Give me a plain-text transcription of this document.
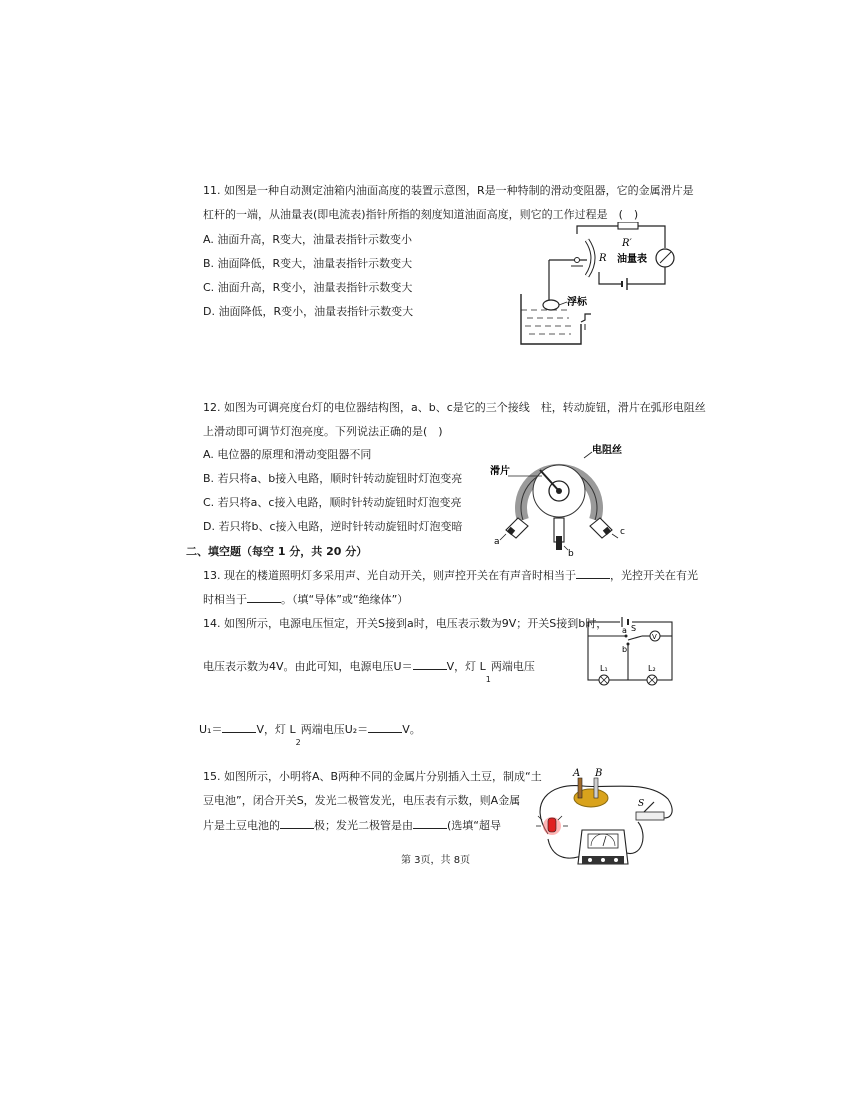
11. 如图是一种自动测定油箱内油面高度的装置示意图，R是一种特制的滑动变阻器，它的金属滑片是
杠杆的一端，从油量表(即电流表)指针所指的刻度知道油面高度，则它的工作过程是　(　)
A. 油面升高，R变大，油量表指针示数变小
B. 油面降低，R变大，油量表指针示数变大
C. 油面升高，R变小，油量表指针示数变大
D. 油面降低，R变小，油量表指针示数变大
R′
油量表
R
浮标
12. 如图为可调亮度台灯的电位器结构图，a、b、c是它的三个接线　柱，转动旋钮，滑片在弧形电阻丝
上滑动即可调节灯泡亮度。下列说法正确的是(　)
A. 电位器的原理和滑动变阻器不同
B. 若只将a、b接入电路，顺时针转动旋钮时灯泡变亮
C. 若只将a、c接入电路，顺时针转动旋钮时灯泡变亮
D. 若只将b、c接入电路，逆时针转动旋钮时灯泡变暗
滑片
电阻丝
a
c
b
二、填空题（每空 1 分，共 20 分）
13. 现在的楼道照明灯多采用声、光自动开关，则声控开关在有声音时相当于	，光控开关在有光
时相当于	。（填“导体”或“绝缘体”）
14. 如图所示，电源电压恒定，开关S接到a时，电压表示数为9V；开关S接到b时，
电压表示数为4V。由此可知，电源电压U＝	V，灯 $L_1$两端电压
U₁＝	V，灯 $L_2$两端电压U₂＝	V。
a S
V
b
L₁	L₂
15. 如图所示，小明将A、B两种不同的金属片分别插入土豆，制成“土
豆电池”，闭合开关S，发光二极管发光，电压表有示数，则A金属
片是土豆电池的	极；发光二极管是由	(选填“超导
A B
S
第 3页，共 8页
